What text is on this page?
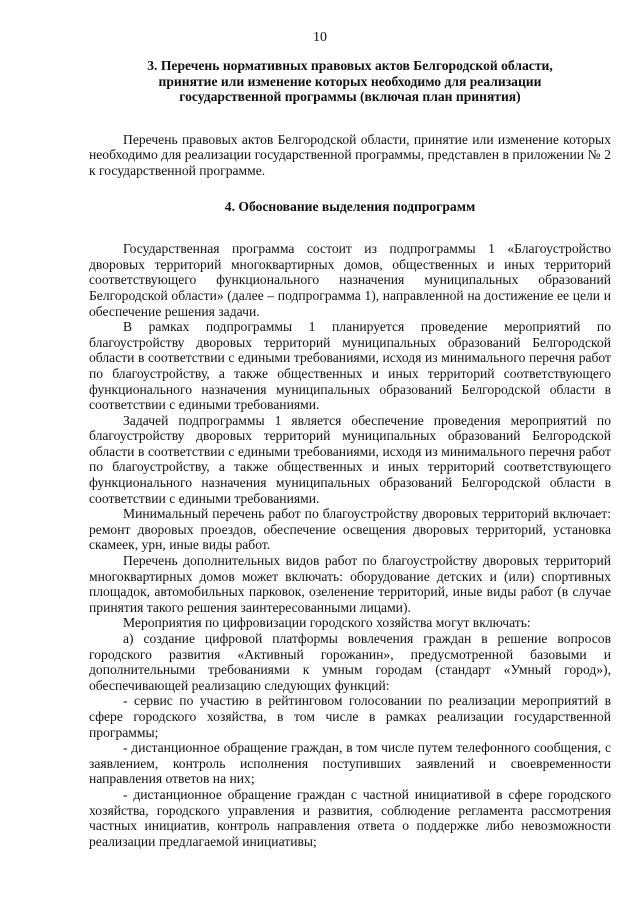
10
3. Перечень нормативных правовых актов Белгородской области,
принятие или изменение которых необходимо для реализации
государственной программы (включая план принятия)

Перечень правовых актов Белгородской области, принятие или изменение которых необходимо для реализации государственной программы, представлен в приложении № 2 к государственной программе.

4. Обоснование выделения подпрограмм

Государственная программа состоит из подпрограммы 1 «Благоустройство дворовых территорий многоквартирных домов, общественных и иных территорий соответствующего функционального назначения муниципальных образований Белгородской области» (далее – подпрограмма 1), направленной на достижение ее цели и обеспечение решения задачи.

В рамках подпрограммы 1 планируется проведение мероприятий по благоустройству дворовых территорий муниципальных образований Белгородской области в соответствии с едиными требованиями, исходя из минимального перечня работ по благоустройству, а также общественных и иных территорий соответствующего функционального назначения муниципальных образований Белгородской области в соответствии с едиными требованиями.

Задачей подпрограммы 1 является обеспечение проведения мероприятий по благоустройству дворовых территорий муниципальных образований Белгородской области в соответствии с едиными требованиями, исходя из минимального перечня работ по благоустройству, а также общественных и иных территорий соответствующего функционального назначения муниципальных образований Белгородской области в соответствии с едиными требованиями.

Минимальный перечень работ по благоустройству дворовых территорий включает: ремонт дворовых проездов, обеспечение освещения дворовых территорий, установка скамеек, урн, иные виды работ.

Перечень дополнительных видов работ по благоустройству дворовых территорий многоквартирных домов может включать: оборудование детских и (или) спортивных площадок, автомобильных парковок, озеленение территорий, иные виды работ (в случае принятия такого решения заинтересованными лицами).

Мероприятия по цифровизации городского хозяйства могут включать:

а) создание цифровой платформы вовлечения граждан в решение вопросов городского развития «Активный горожанин», предусмотренной базовыми и дополнительными требованиями к умным городам (стандарт «Умный город»), обеспечивающей реализацию следующих функций:

- сервис по участию в рейтинговом голосовании по реализации мероприятий в сфере городского хозяйства, в том числе в рамках реализации государственной программы;

- дистанционное обращение граждан, в том числе путем телефонного сообщения, с заявлением, контроль исполнения поступивших заявлений и своевременности направления ответов на них;

- дистанционное обращение граждан с частной инициативой в сфере городского хозяйства, городского управления и развития, соблюдение регламента рассмотрения частных инициатив, контроль направления ответа о поддержке либо невозможности реализации предлагаемой инициативы;
